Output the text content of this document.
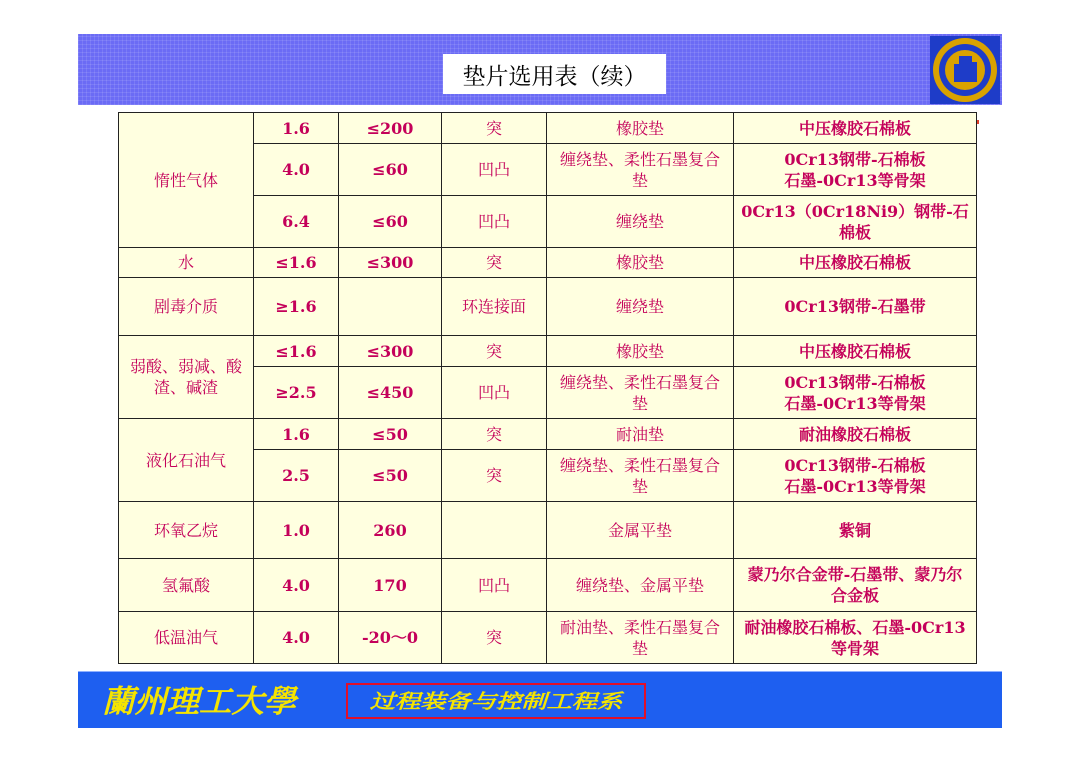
垫片选用表（续）
惰性气体	1.6	≤200	突	橡胶垫	中压橡胶石棉板
	4.0	≤60	凹凸	缠绕垫、柔性石墨复合垫	0Cr13钢带-石棉板
石墨-0Cr13等骨架
	6.4	≤60	凹凸	缠绕垫	0Cr13（0Cr18Ni9）钢带-石棉板
水	≤1.6	≤300	突	橡胶垫	中压橡胶石棉板
剧毒介质	≥1.6		环连接面	缠绕垫	0Cr13钢带-石墨带
弱酸、弱减、酸渣、碱渣	≤1.6	≤300	突	橡胶垫	中压橡胶石棉板
	≥2.5	≤450	凹凸	缠绕垫、柔性石墨复合垫	0Cr13钢带-石棉板
石墨-0Cr13等骨架
液化石油气	1.6	≤50	突	耐油垫	耐油橡胶石棉板
	2.5	≤50	突	缠绕垫、柔性石墨复合垫	0Cr13钢带-石棉板
石墨-0Cr13等骨架
环氧乙烷	1.0	260		金属平垫	紫铜
氢氟酸	4.0	170	凹凸	缠绕垫、金属平垫	蒙乃尔合金带-石墨带、蒙乃尔合金板
低温油气	4.0	-20～0	突	耐油垫、柔性石墨复合垫	耐油橡胶石棉板、石墨-0Cr13等骨架
蘭州理工大學	过程装备与控制工程系
